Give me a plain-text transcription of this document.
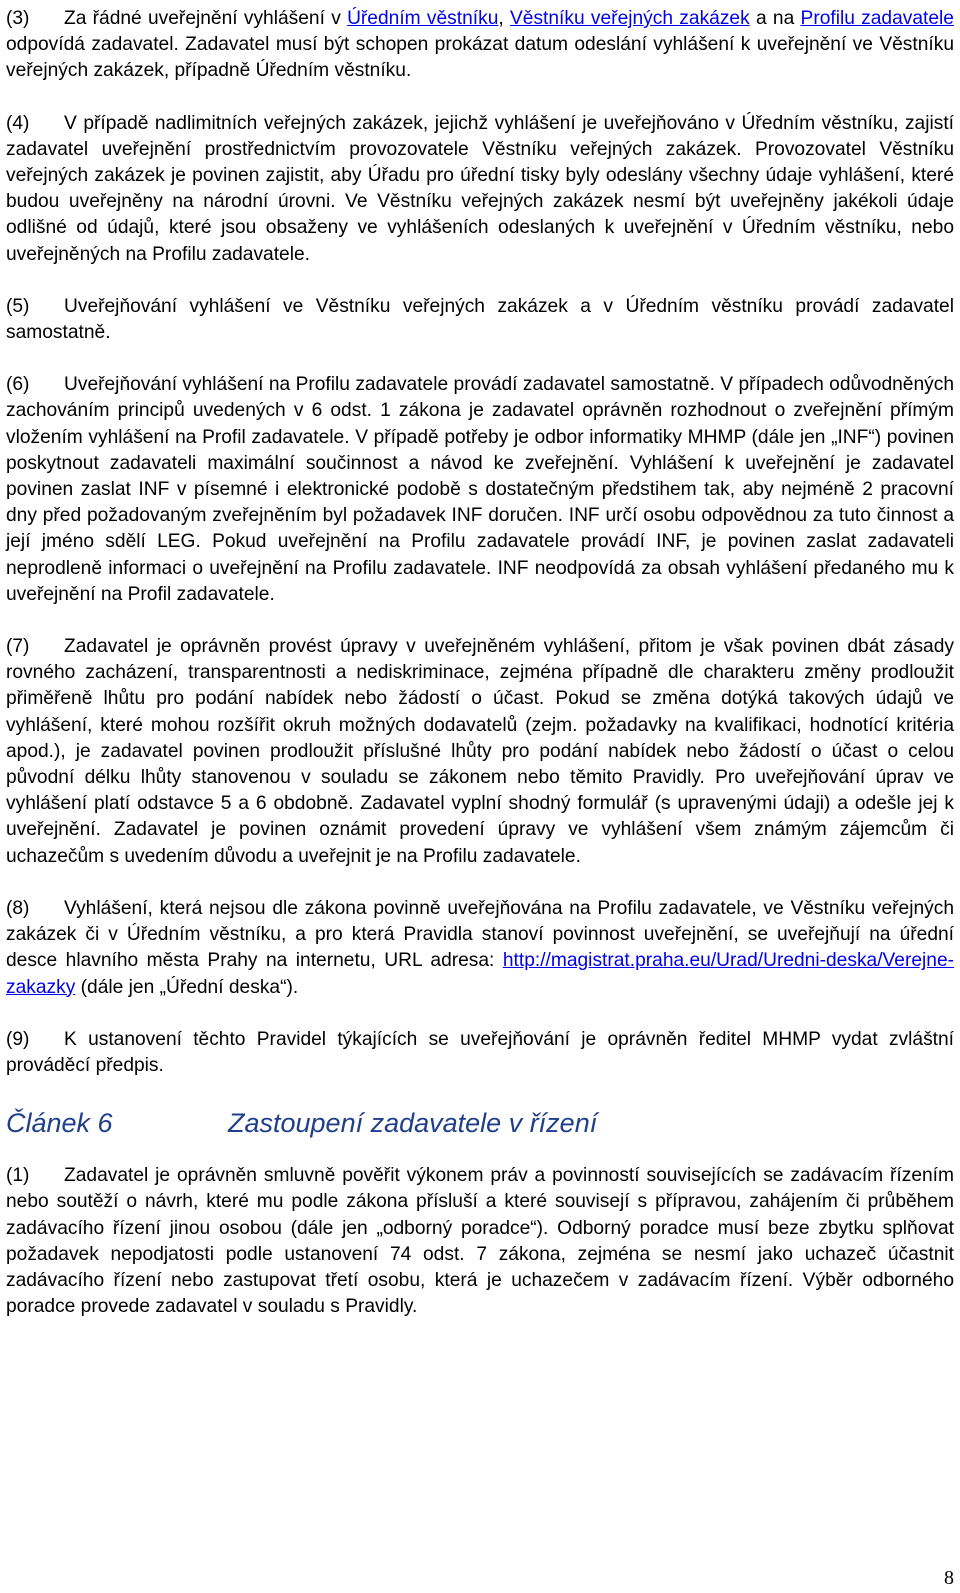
(3) Za řádné uveřejnění vyhlášení v Úředním věstníku, Věstníku veřejných zakázek a na Profilu zadavatele odpovídá zadavatel. Zadavatel musí být schopen prokázat datum odeslání vyhlášení k uveřejnění ve Věstníku veřejných zakázek, případně Úředním věstníku.

(4) V případě nadlimitních veřejných zakázek, jejichž vyhlášení je uveřejňováno v Úředním věstníku, zajistí zadavatel uveřejnění prostřednictvím provozovatele Věstníku veřejných zakázek. Provozovatel Věstníku veřejných zakázek je povinen zajistit, aby Úřadu pro úřední tisky byly odeslány všechny údaje vyhlášení, které budou uveřejněny na národní úrovni. Ve Věstníku veřejných zakázek nesmí být uveřejněny jakékoli údaje odlišné od údajů, které jsou obsaženy ve vyhlášeních odeslaných k uveřejnění v Úředním věstníku, nebo uveřejněných na Profilu zadavatele.

(5) Uveřejňování vyhlášení ve Věstníku veřejných zakázek a v Úředním věstníku provádí zadavatel samostatně.

(6) Uveřejňování vyhlášení na Profilu zadavatele provádí zadavatel samostatně. V případech odůvodněných zachováním principů uvedených v 6 odst. 1 zákona je zadavatel oprávněn rozhodnout o zveřejnění přímým vložením vyhlášení na Profil zadavatele. V případě potřeby je odbor informatiky MHMP (dále jen „INF“) povinen poskytnout zadavateli maximální součinnost a návod ke zveřejnění. Vyhlášení k uveřejnění je zadavatel povinen zaslat INF v písemné i elektronické podobě s dostatečným předstihem tak, aby nejméně 2 pracovní dny před požadovaným zveřejněním byl požadavek INF doručen. INF určí osobu odpovědnou za tuto činnost a její jméno sdělí LEG. Pokud uveřejnění na Profilu zadavatele provádí INF, je povinen zaslat zadavateli neprodleně informaci o uveřejnění na Profilu zadavatele. INF neodpovídá za obsah vyhlášení předaného mu k uveřejnění na Profil zadavatele.

(7) Zadavatel je oprávněn provést úpravy v uveřejněném vyhlášení, přitom je však povinen dbát zásady rovného zacházení, transparentnosti a nediskriminace, zejména případně dle charakteru změny prodloužit přiměřeně lhůtu pro podání nabídek nebo žádostí o účast. Pokud se změna dotýká takových údajů ve vyhlášení, které mohou rozšířit okruh možných dodavatelů (zejm. požadavky na kvalifikaci, hodnotící kritéria apod.), je zadavatel povinen prodloužit příslušné lhůty pro podání nabídek nebo žádostí o účast o celou původní délku lhůty stanovenou v souladu se zákonem nebo těmito Pravidly. Pro uveřejňování úprav ve vyhlášení platí odstavce 5 a 6 obdobně. Zadavatel vyplní shodný formulář (s upravenými údaji) a odešle jej k uveřejnění. Zadavatel je povinen oznámit provedení úpravy ve vyhlášení všem známým zájemcům či uchazečům s uvedením důvodu a uveřejnit je na Profilu zadavatele.

(8) Vyhlášení, která nejsou dle zákona povinně uveřejňována na Profilu zadavatele, ve Věstníku veřejných zakázek či v Úředním věstníku, a pro která Pravidla stanoví povinnost uveřejnění, se uveřejňují na úřední desce hlavního města Prahy na internetu, URL adresa: http://magistrat.praha.eu/Urad/Uredni-deska/Verejne-zakazky (dále jen „Úřední deska“).

(9) K ustanovení těchto Pravidel týkajících se uveřejňování je oprávněn ředitel MHMP vydat zvláštní prováděcí předpis.

Článek 6	Zastoupení zadavatele v řízení

(1) Zadavatel je oprávněn smluvně pověřit výkonem práv a povinností souvisejících se zadávacím řízením nebo soutěží o návrh, které mu podle zákona přísluší a které souvisejí s přípravou, zahájením či průběhem zadávacího řízení jinou osobou (dále jen „odborný poradce“). Odborný poradce musí beze zbytku splňovat požadavek nepodjatosti podle ustanovení 74 odst. 7 zákona, zejména se nesmí jako uchazeč účastnit zadávacího řízení nebo zastupovat třetí osobu, která je uchazečem v zadávacím řízení. Výběr odborného poradce provede zadavatel v souladu s Pravidly.

8
